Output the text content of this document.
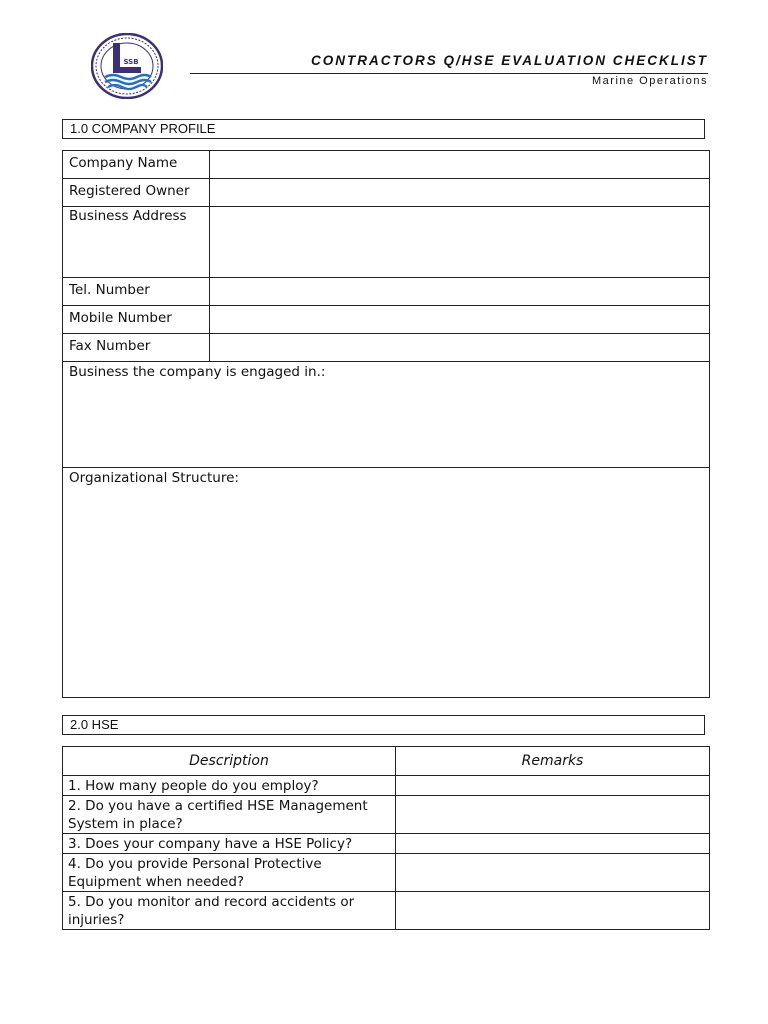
SSB	CONTRACTORS Q/HSE EVALUATION CHECKLIST
Marine Operations
1.0 COMPANY PROFILE
Company Name	
Registered Owner	
Business Address	
Tel. Number	
Mobile Number	
Fax Number	
Business the company is engaged in.:	
Organizational Structure:	
2.0 HSE
Description	Remarks
1. How many people do you employ?	
2. Do you have a certified HSE Management System in place?	
3. Does your company have a HSE Policy?	
4. Do you provide Personal Protective Equipment when needed?	
5. Do you monitor and record accidents or injuries?	
